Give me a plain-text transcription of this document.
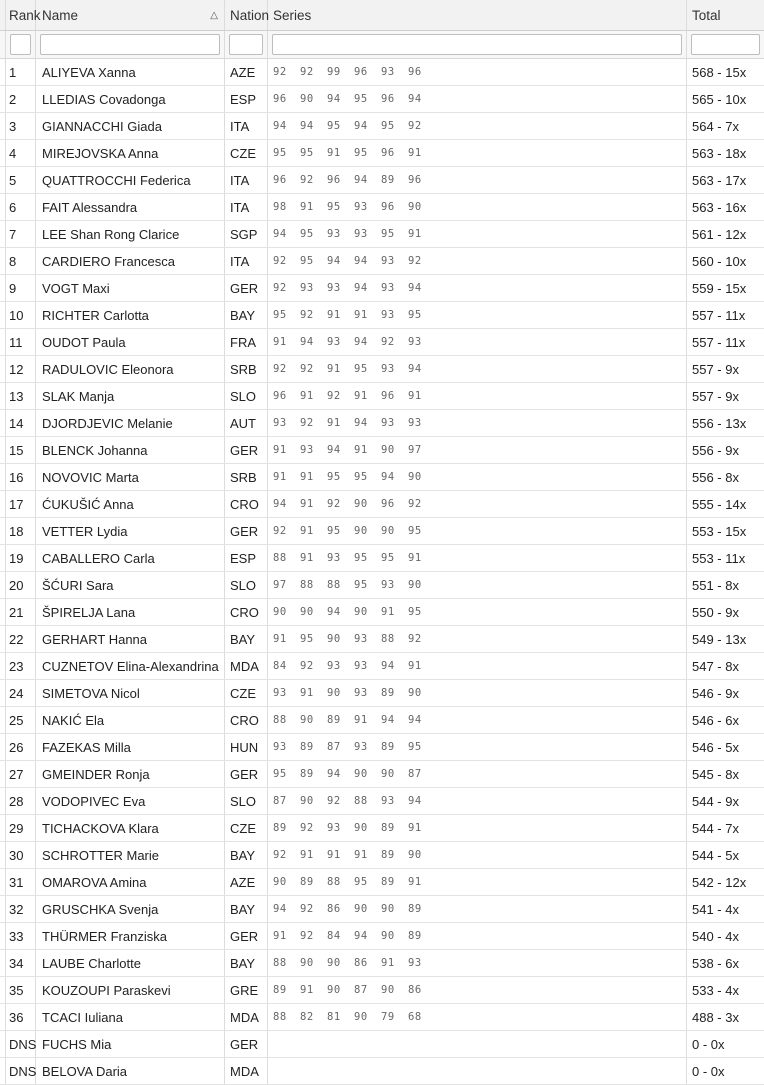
Rank Name	△ Nation Series	Total
1 ALIYEVA Xanna	AZE 92	92	99	96	93	96	568 - 15x
2 LLEDIAS Covadonga	ESP 96	90	94	95	96	94	565 - 10x
3 GIANNACCHI Giada	ITA 94	94	95	94	95	92	564 - 7x
4 MIREJOVSKA Anna	CZE 95	95	91	95	96	91	563 - 18x
5 QUATTROCCHI Federica	ITA 96	92	96	94	89	96	563 - 17x
6 FAIT Alessandra	ITA 98	91	95	93	96	90	563 - 16x
7 LEE Shan Rong Clarice	SGP 94	95	93	93	95	91	561 - 12x
8 CARDIERO Francesca	ITA 92	95	94	94	93	92	560 - 10x
9 VOGT Maxi	GER 92	93	93	94	93	94	559 - 15x
10 RICHTER Carlotta	BAY 95	92	91	91	93	95	557 - 11x
11 OUDOT Paula	FRA 91	94	93	94	92	93	557 - 11x
12 RADULOVIC Eleonora	SRB 92	92	91	95	93	94	557 - 9x
13 SLAK Manja	SLO 96	91	92	91	96	91	557 - 9x
14 DJORDJEVIC Melanie	AUT 93	92	91	94	93	93	556 - 13x
15 BLENCK Johanna	GER 91	93	94	91	90	97	556 - 9x
16 NOVOVIC Marta	SRB 91	91	95	95	94	90	556 - 8x
17 ĆUKUŠIĆ Anna	CRO 94	91	92	90	96	92	555 - 14x
18 VETTER Lydia	GER 92	91	95	90	90	95	553 - 15x
19 CABALLERO Carla	ESP 88	91	93	95	95	91	553 - 11x
20 ŠĆURI Sara	SLO 97	88	88	95	93	90	551 - 8x
21 ŠPIRELJA Lana	CRO 90	90	94	90	91	95	550 - 9x
22 GERHART Hanna	BAY 91	95	90	93	88	92	549 - 13x
23 CUZNETOV Elina-Alexandrina MDA 84	92	93	93	94	91	547 - 8x
24 SIMETOVA Nicol	CZE 93	91	90	93	89	90	546 - 9x
25 NAKIĆ Ela	CRO 88	90	89	91	94	94	546 - 6x
26 FAZEKAS Milla	HUN 93	89	87	93	89	95	546 - 5x
27 GMEINDER Ronja	GER 95	89	94	90	90	87	545 - 8x
28 VODOPIVEC Eva	SLO 87	90	92	88	93	94	544 - 9x
29 TICHACKOVA Klara	CZE 89	92	93	90	89	91	544 - 7x
30 SCHROTTER Marie	BAY 92	91	91	91	89	90	544 - 5x
31 OMAROVA Amina	AZE 90	89	88	95	89	91	542 - 12x
32 GRUSCHKA Svenja	BAY 94	92	86	90	90	89	541 - 4x
33 THÜRMER Franziska	GER 91	92	84	94	90	89	540 - 4x
34 LAUBE Charlotte	BAY 88	90	90	86	91	93	538 - 6x
35 KOUZOUPI Paraskevi	GRE 89	91	90	87	90	86	533 - 4x
36 TCACI Iuliana	MDA 88	82	81	90	79	68	488 - 3x
DNS FUCHS Mia	GER	0 - 0x
DNS BELOVA Daria	MDA	0 - 0x
